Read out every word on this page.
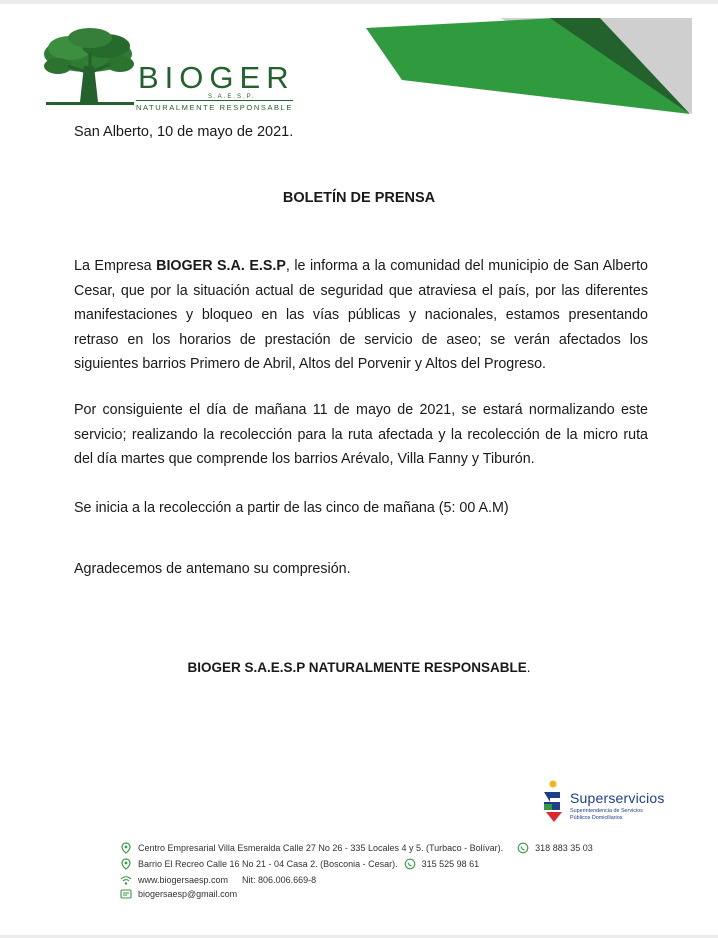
BIOGER
S.A.E.S.P.
NATURALMENTE RESPONSABLE
San Alberto, 10 de mayo de 2021.
BOLETÍN DE PRENSA

La Empresa BIOGER S.A. E.S.P, le informa a la comunidad del municipio de San Alberto Cesar, que por la situación actual de seguridad que atraviesa el país, por las diferentes manifestaciones y bloqueo en las vías públicas y nacionales, estamos presentando retraso en los horarios de prestación de servicio de aseo; se verán afectados los siguientes barrios Primero de Abril, Altos del Porvenir y Altos del Progreso.

Por consiguiente el día de mañana 11 de mayo de 2021, se estará normalizando este servicio; realizando la recolección para la ruta afectada y la recolección de la micro ruta del día martes que comprende los barrios Arévalo, Villa Fanny y Tiburón.

Se inicia a la recolección a partir de las cinco de mañana (5: 00 A.M)

Agradecemos de antemano su compresión.

BIOGER S.A.E.S.P NATURALMENTE RESPONSABLE.
Superservicios
Superintendencia de Servicios
Públicos Domiciliarios
Centro Empresarial Villa Esmeralda Calle 27 No 26 - 335 Locales 4 y 5. (Turbaco - Bolívar).	318 883 35 03
Barrio El Recreo Calle 16 No 21 - 04 Casa 2. (Bosconia - Cesar).	315 525 98 61
www.biogersaesp.com Nit: 806.006.669-8
biogersaesp@gmail.com
